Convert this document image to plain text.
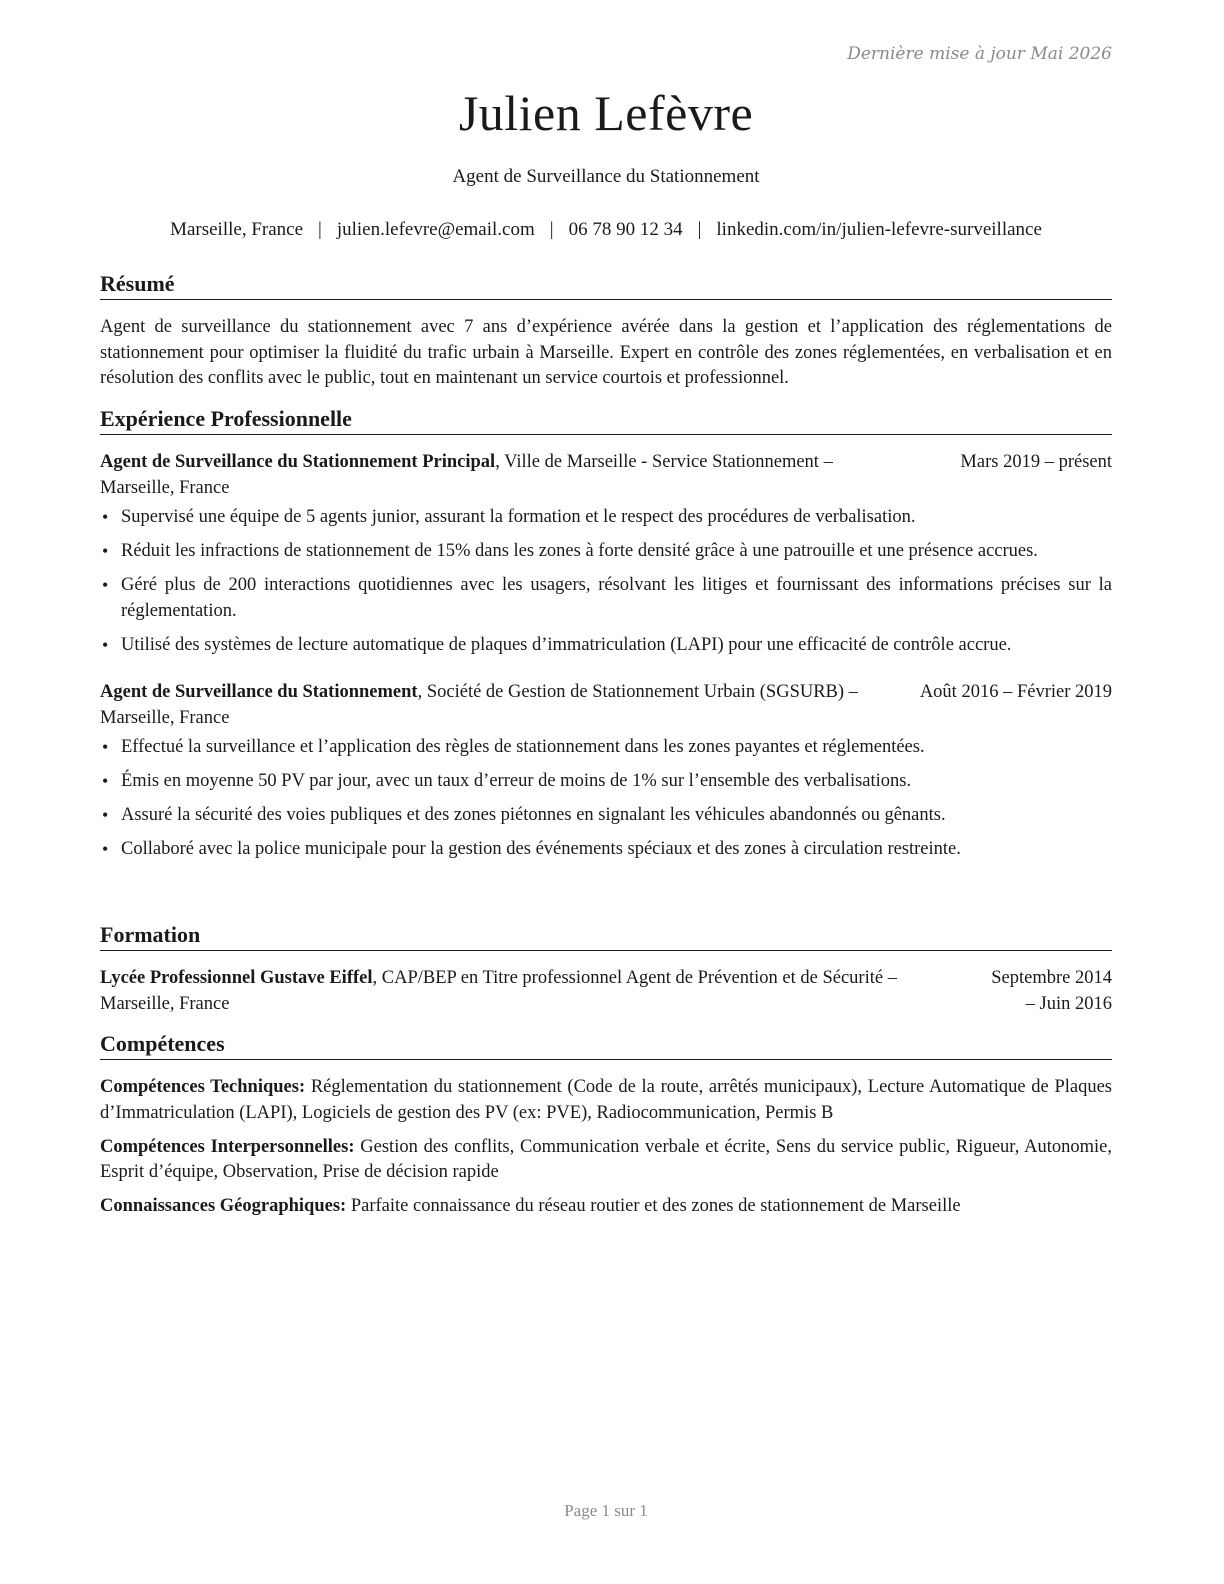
Dernière mise à jour Mai 2026
Julien Lefèvre
Agent de Surveillance du Stationnement
Marseille, France | julien.lefevre@email.com | 06 78 90 12 34 | linkedin.com/in/julien-lefevre-surveillance
Résumé

Agent de surveillance du stationnement avec 7 ans d’expérience avérée dans la gestion et l’application des réglementations de stationnement pour optimiser la fluidité du trafic urbain à Marseille. Expert en contrôle des zones réglementées, en verbalisation et en résolution des conflits avec le public, tout en maintenant un service courtois et professionnel.

Expérience Professionnelle
Agent de Surveillance du Stationnement Principal, Ville de Marseille - Service Stationnement – Marseille, France
Mars 2019 – présent
• Supervisé une équipe de 5 agents junior, assurant la formation et le respect des procédures de verbalisation.
• Réduit les infractions de stationnement de 15% dans les zones à forte densité grâce à une patrouille et une présence accrues.
• Géré plus de 200 interactions quotidiennes avec les usagers, résolvant les litiges et fournissant des informations précises sur la réglementation.
• Utilisé des systèmes de lecture automatique de plaques d’immatriculation (LAPI) pour une efficacité de contrôle accrue.
Agent de Surveillance du Stationnement, Société de Gestion de Stationnement Urbain (SGSURB) – Marseille, France
Août 2016 – Février 2019
• Effectué la surveillance et l’application des règles de stationnement dans les zones payantes et réglementées.
• Émis en moyenne 50 PV par jour, avec un taux d’erreur de moins de 1% sur l’ensemble des verbalisations.
• Assuré la sécurité des voies publiques et des zones piétonnes en signalant les véhicules abandonnés ou gênants.
• Collaboré avec la police municipale pour la gestion des événements spéciaux et des zones à circulation restreinte.
Formation
Lycée Professionnel Gustave Eiffel, CAP/BEP en Titre professionnel Agent de Prévention et de Sécurité – Marseille, France
Septembre 2014 – Juin 2016
Compétences

Compétences Techniques: Réglementation du stationnement (Code de la route, arrêtés municipaux), Lecture Automatique de Plaques d’Immatriculation (LAPI), Logiciels de gestion des PV (ex: PVE), Radiocommunication, Permis B

Compétences Interpersonnelles: Gestion des conflits, Communication verbale et écrite, Sens du service public, Rigueur, Autonomie, Esprit d’équipe, Observation, Prise de décision rapide

Connaissances Géographiques: Parfaite connaissance du réseau routier et des zones de stationnement de Marseille

Page 1 sur 1
